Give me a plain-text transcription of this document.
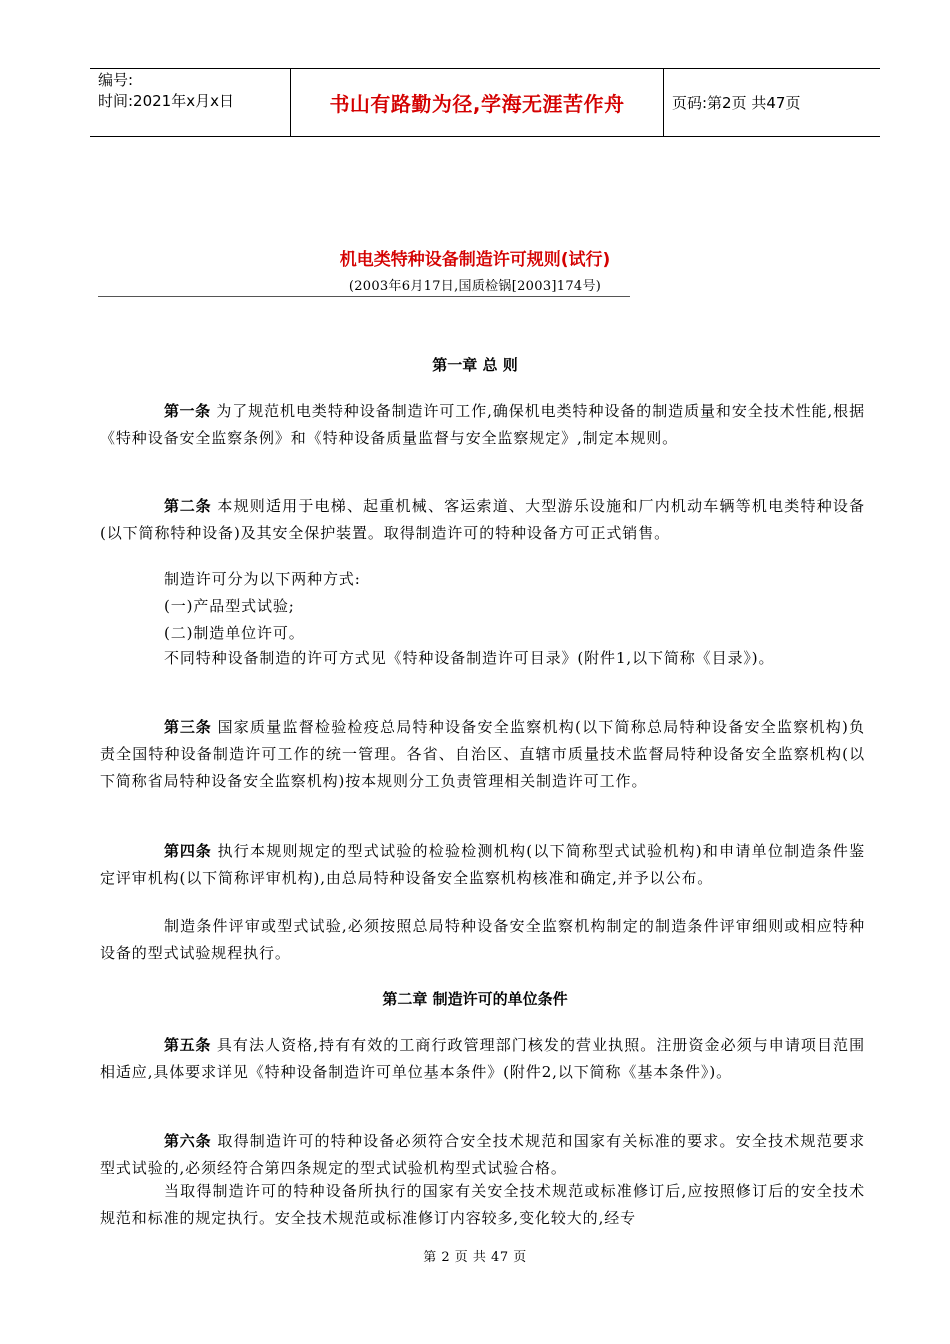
编号:
时间:2021年x月x日	书山有路勤为径,学海无涯苦作舟	页码:第2页 共47页
机电类特种设备制造许可规则(试行)
(2003年6月17日,国质检锅[2003]174号)
第一章 总 则

第一条 为了规范机电类特种设备制造许可工作,确保机电类特种设备的制造质量和安全技术性能,根据《特种设备安全监察条例》和《特种设备质量监督与安全监察规定》,制定本规则。

第二条 本规则适用于电梯、起重机械、客运索道、大型游乐设施和厂内机动车辆等机电类特种设备(以下简称特种设备)及其安全保护装置。取得制造许可的特种设备方可正式销售。

制造许可分为以下两种方式:

(一)产品型式试验;

(二)制造单位许可。

不同特种设备制造的许可方式见《特种设备制造许可目录》(附件1,以下简称《目录》)。

第三条 国家质量监督检验检疫总局特种设备安全监察机构(以下简称总局特种设备安全监察机构)负责全国特种设备制造许可工作的统一管理。各省、自治区、直辖市质量技术监督局特种设备安全监察机构(以下简称省局特种设备安全监察机构)按本规则分工负责管理相关制造许可工作。

第四条 执行本规则规定的型式试验的检验检测机构(以下简称型式试验机构)和申请单位制造条件鉴定评审机构(以下简称评审机构),由总局特种设备安全监察机构核准和确定,并予以公布。

制造条件评审或型式试验,必须按照总局特种设备安全监察机构制定的制造条件评审细则或相应特种设备的型式试验规程执行。

第二章 制造许可的单位条件

第五条 具有法人资格,持有有效的工商行政管理部门核发的营业执照。注册资金必须与申请项目范围相适应,具体要求详见《特种设备制造许可单位基本条件》(附件2,以下简称《基本条件》)。

第六条 取得制造许可的特种设备必须符合安全技术规范和国家有关标准的要求。安全技术规范要求型式试验的,必须经符合第四条规定的型式试验机构型式试验合格。

当取得制造许可的特种设备所执行的国家有关安全技术规范或标准修订后,应按照修订后的安全技术规范和标准的规定执行。安全技术规范或标准修订内容较多,变化较大的,经专

第 2 页 共 47 页
